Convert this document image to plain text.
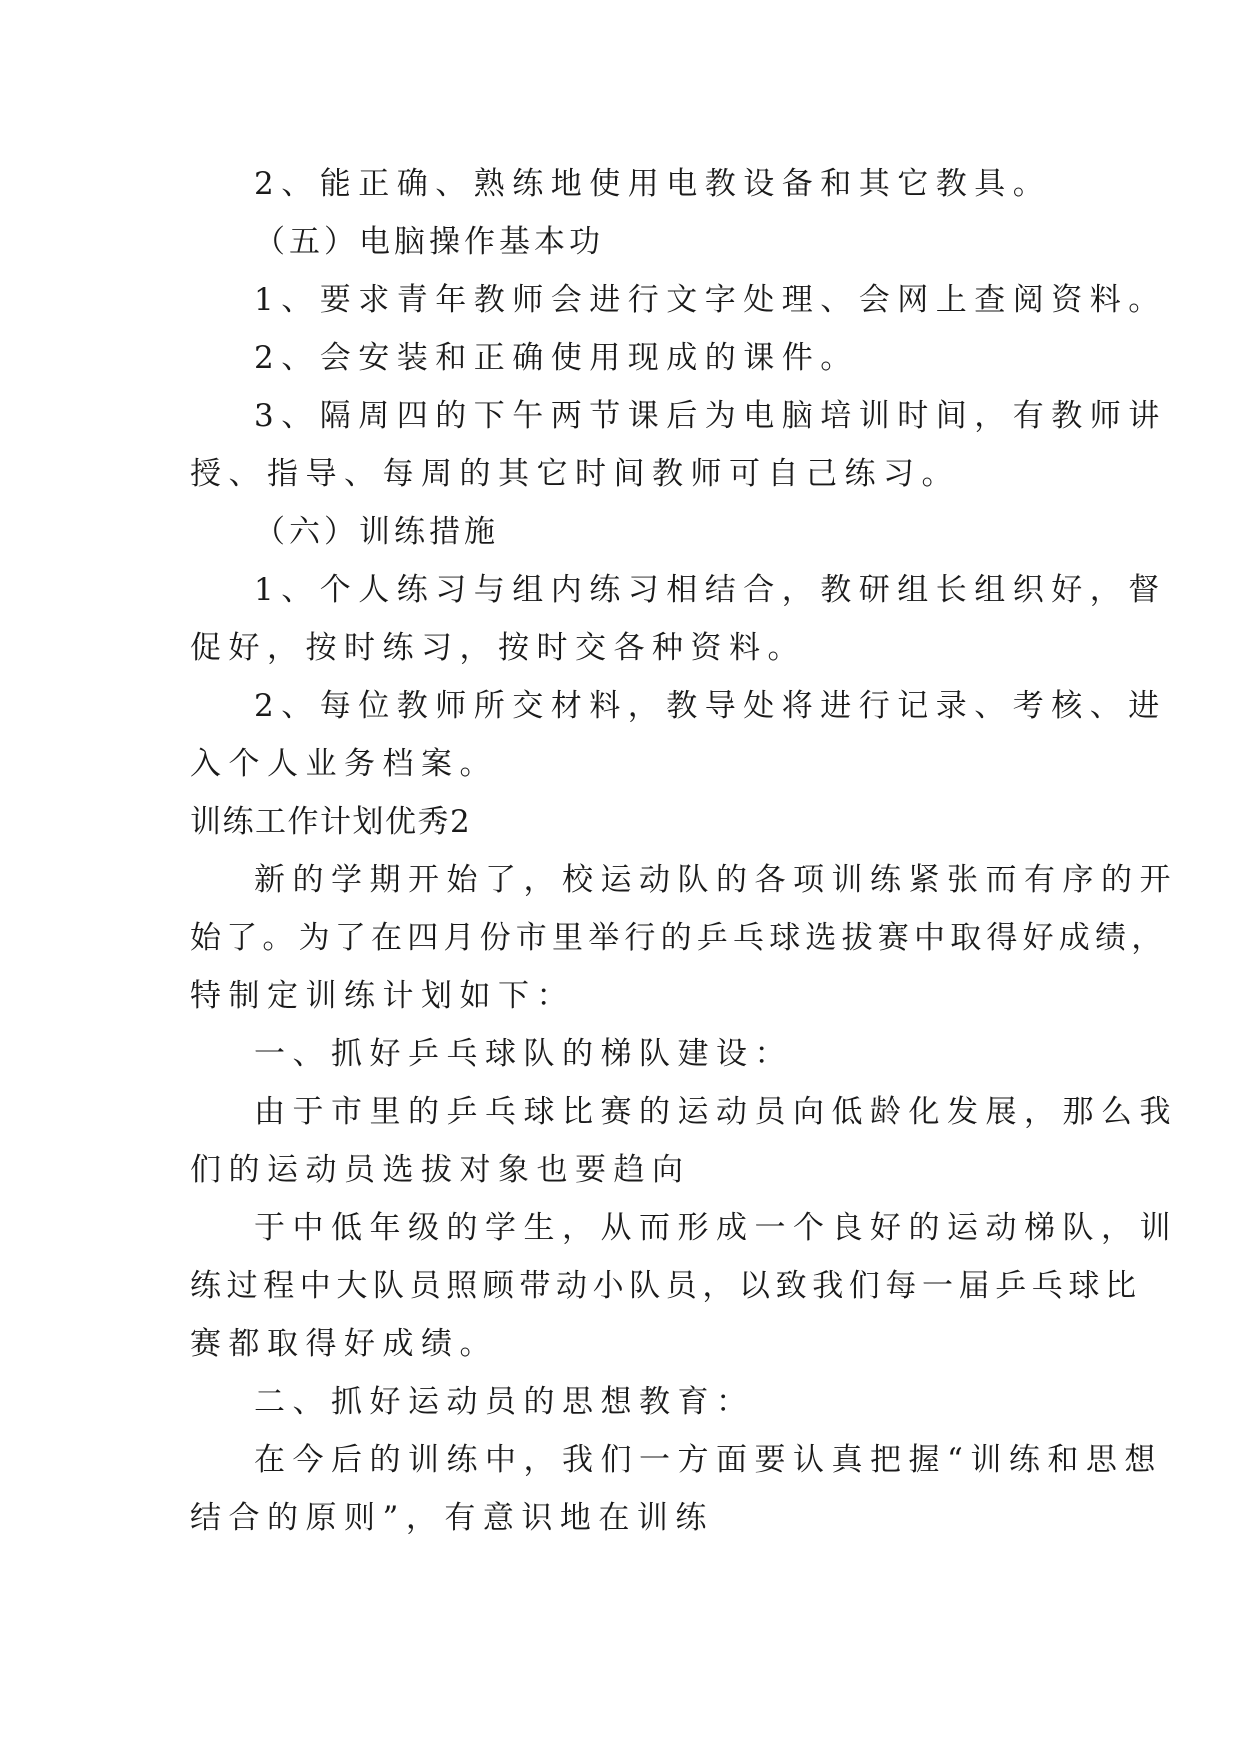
2、能正确、熟练地使用电教设备和其它教具。
（五）电脑操作基本功
1、要求青年教师会进行文字处理、会网上查阅资料。
2、会安装和正确使用现成的课件。
3、隔周四的下午两节课后为电脑培训时间，有教师讲
授、指导、每周的其它时间教师可自己练习。
（六）训练措施
1、个人练习与组内练习相结合，教研组长组织好，督
促好，按时练习，按时交各种资料。
2、每位教师所交材料，教导处将进行记录、考核、进
入个人业务档案。
训练工作计划优秀2
新的学期开始了，校运动队的各项训练紧张而有序的开
始了。为了在四月份市里举行的乒乓球选拔赛中取得好成绩，
特制定训练计划如下：
一、抓好乒乓球队的梯队建设：
由于市里的乒乓球比赛的运动员向低龄化发展，那么我
们的运动员选拔对象也要趋向
于中低年级的学生，从而形成一个良好的运动梯队，训
练过程中大队员照顾带动小队员，以致我们每一届乒乓球比
赛都取得好成绩。
二、抓好运动员的思想教育：
在今后的训练中，我们一方面要认真把握“训练和思想
结合的原则”，有意识地在训练
